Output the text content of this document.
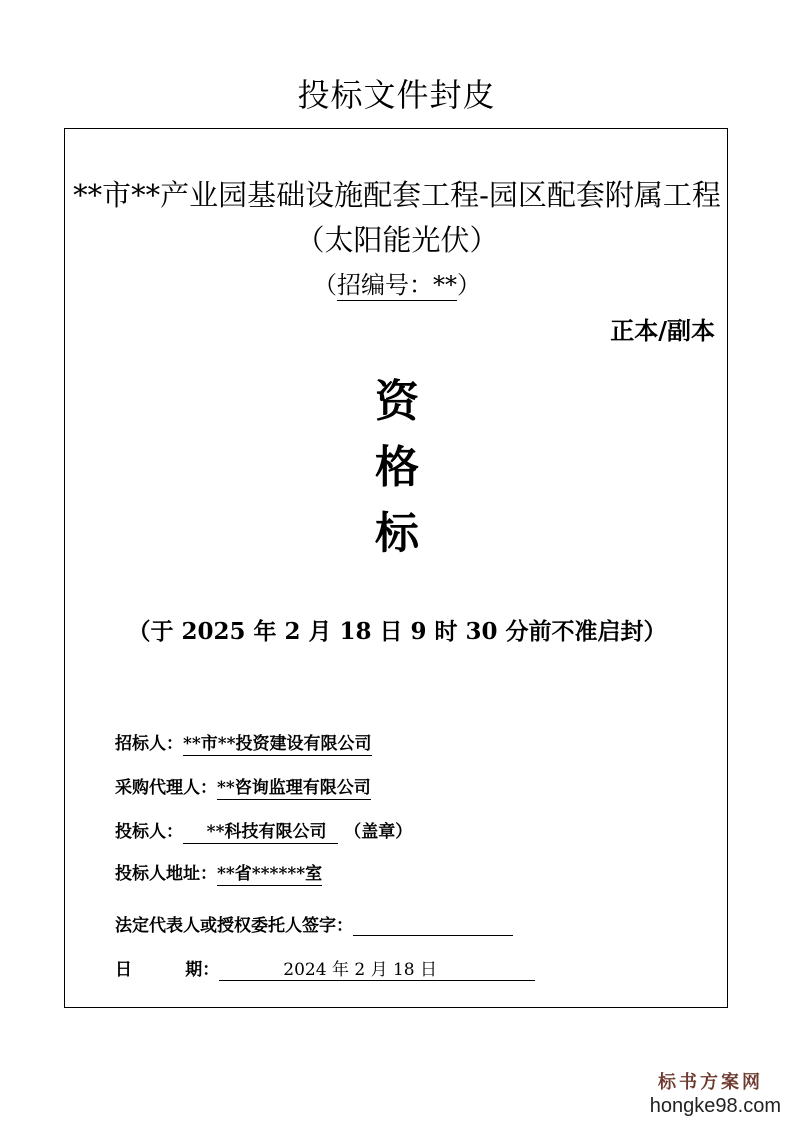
投标文件封皮
**市**产业园基础设施配套工程-园区配套附属工程（太阳能光伏）
（招编号：**）
正本/副本
资
格
标
（于 2025 年 2 月 18 日 9 时 30 分前不准启封）
招标人：**市**投资建设有限公司
采购代理人：**咨询监理有限公司
投标人：    **科技有限公司   （盖章）
投标人地址：**省******室
法定代表人或授权委托人签字：
日         期：	2024 年 2 月 18 日
标书方案网
hongke98.com
